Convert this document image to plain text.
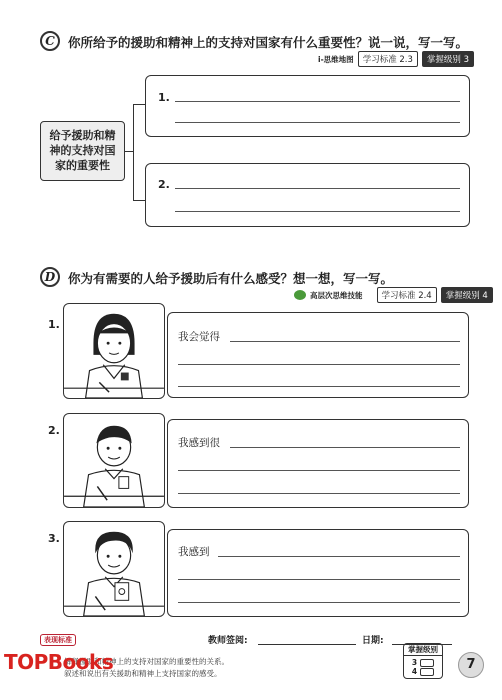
C	你所给予的援助和精神上的支持对国家有什么重要性？说一说，写一写。
i-思维地图	学习标准 2.3	掌握级别 3
给予援助和精神的支持对国家的重要性
1.
2.
D	你为有需要的人给予援助后有什么感受？想一想，写一写。
高层次思维技能	学习标准 2.4	掌握级别 4
1.
我会觉得
2.
我感到很
3.
我感到
教师签阅:	日期:
表现标准
解释援助和精神上的支持对国家的重要性的关系。
叙述和说出有关援助和精神上支持国家的感受。
TOPBooks
掌握级别
3
4	7
